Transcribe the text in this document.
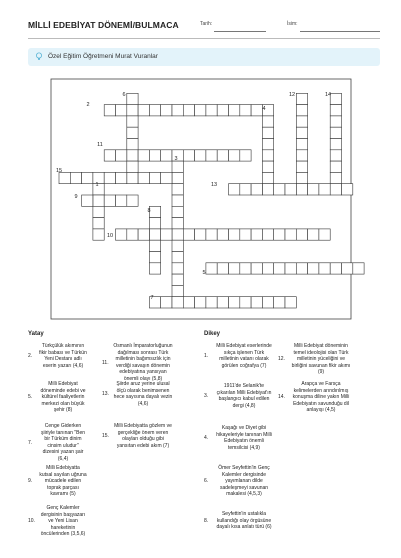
MİLLİ EDEBİYAT DÖNEMİ/BULMACA	Tarih:	İsim:
Özel Eğitim Öğretmeni Murat Vuranlar
1
2
3
4
5
6
7
8
9
10
11
12
13
14
15
Yatay	Dikey
2.
Türkçülük akımının fikir babası ve Türkün Yeni Destanı adlı eserin yazarı (4,6)
5.
Milli Edebiyat döneminde edebi ve kültürel faaliyetlerin merkezi olan büyük şehir (8)
7.
Cenge Giderken şiiriyle tanınan "Ben bir Türküm dinim cinsim uludur" dizesini yazan şair (6,4)
9.
Milli Edebiyatta kutsal sayılan uğruna mücadele edilen toprak parçası kavramı (5)
10.
Genç Kalemler dergisinin başyazarı ve Yeni Lisan hareketinin öncülerinden (3,5,6)
11.
Osmanlı İmparatorluğunun dağılması sonrası Türk milletinin bağımsızlık için verdiği savaşın dönemin edebiyatına yansıyan önemli olayı (5,8)
13.
Şiirde aruz yerine ulusal ölçü olarak benimsenen hece sayısına dayalı vezin (4,6)
15.
Milli Edebiyatta gözlem ve gerçekliğe önem veren olayları olduğu gibi yansıtan edebi akım (7)
1.
Milli Edebiyat eserlerinde sıkça işlenen Türk milletinin vatanı olarak görülen coğrafya (7)
3.
1911'de Selanik'te çıkarılan Milli Edebiyat'ın başlangıcı kabul edilen dergi (4,8)
4.
Kaşağı ve Diyet gibi hikayeleriyle tanınan Milli Edebiyatın önemli temsilcisi (4,9)
6.
Ömer Seyfettin'in Genç Kalemler dergisinde yayımlanan dilde sadeleşmeyi savunan makalesi (4,5,3)
8.
Seyfettin'in ustalıkla kullandığı olay örgüsüne dayalı kısa anlatı türü (6)
12.
Milli Edebiyat döneminin temel ideolojisi olan Türk milletinin yüceliğini ve birliğini savunan fikir akımı (9)
14.
Arapça ve Farsça kelimelerden arındırılmış konuşma diline yakın Milli Edebiyatın savunduğu dil anlayışı (4,5)
